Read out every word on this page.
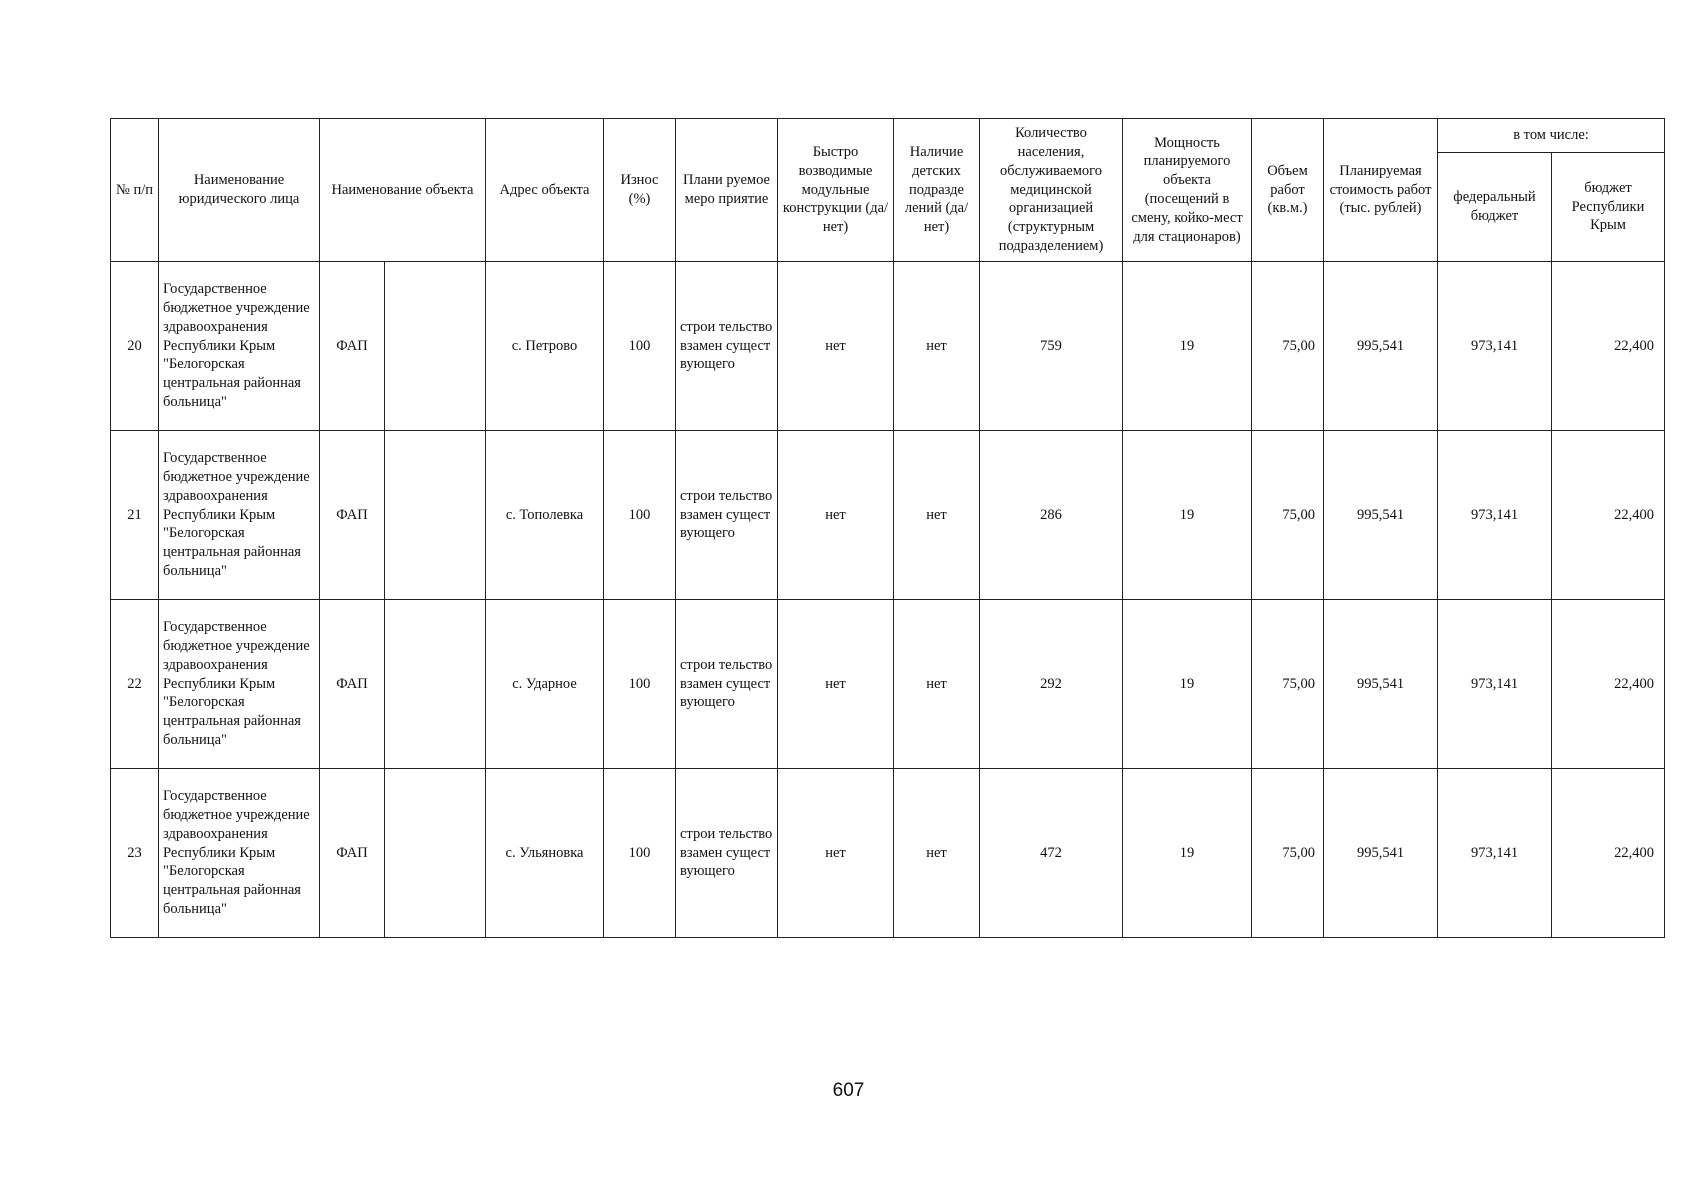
№ п/п	Наименование юридического лица	Наименование объекта		Адрес объекта	Износ (%)	Плани руемое меро приятие	Быстро возводимые модульные конструкции (да/нет)	Наличие детских подразде лений (да/нет)	Количество населения, обслуживаемого медицинской организацией (структурным подразделением)	Мощность планируемого объекта (посещений в смену, койко-мест для стационаров)	Объем работ (кв.м.)	Планируемая стоимость работ (тыс. рублей)	в том числе:	
													федеральный бюджет	бюджет Республики Крым
20	Государственное бюджетное учреждение здравоохранения Республики Крым "Белогорская центральная районная больница"	ФАП		с. Петрово	100	строи тельство взамен сущест вующего	нет	нет	759	19	75,00	995,541	973,141	22,400
21	Государственное бюджетное учреждение здравоохранения Республики Крым "Белогорская центральная районная больница"	ФАП		с. Тополевка	100	строи тельство взамен сущест вующего	нет	нет	286	19	75,00	995,541	973,141	22,400
22	Государственное бюджетное учреждение здравоохранения Республики Крым "Белогорская центральная районная больница"	ФАП		с. Ударное	100	строи тельство взамен сущест вующего	нет	нет	292	19	75,00	995,541	973,141	22,400
23	Государственное бюджетное учреждение здравоохранения Республики Крым "Белогорская центральная районная больница"	ФАП		с. Ульяновка	100	строи тельство взамен сущест вующего	нет	нет	472	19	75,00	995,541	973,141	22,400
607
